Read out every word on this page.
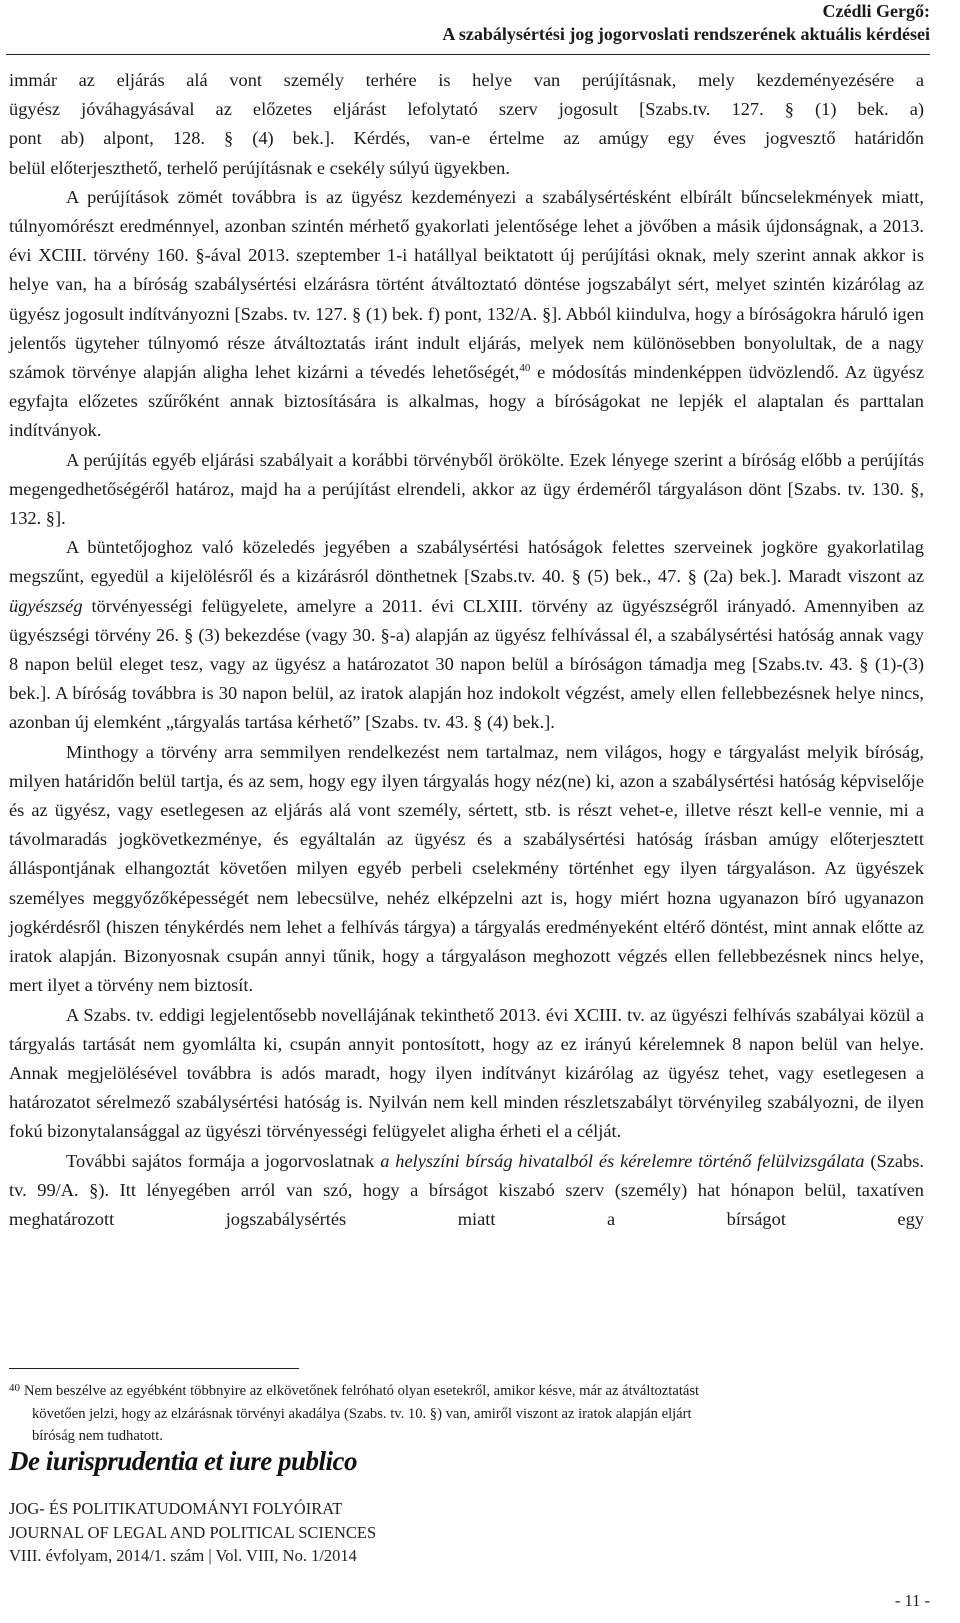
Czédli Gergő:
A szabálysértési jog jogorvoslati rendszerének aktuális kérdései

immár az eljárás alá vont személy terhére is helye van perújításnak, mely kezdeményezésére a

ügyész jóváhagyásával az előzetes eljárást lefolytató szerv jogosult [Szabs.tv. 127. § (1) bek. a)

pont ab) alpont, 128. § (4) bek.]. Kérdés, van-e értelme az amúgy egy éves jogvesztő határidőn

belül előterjeszthető, terhelő perújításnak e csekély súlyú ügyekben.

A perújítások zömét továbbra is az ügyész kezdeményezi a szabálysértésként elbírált bűncselekmények miatt, túlnyomórészt eredménnyel, azonban szintén mérhető gyakorlati jelentősége lehet a jövőben a másik újdonságnak, a 2013. évi XCIII. törvény 160. §-ával 2013. szeptember 1-i hatállyal beiktatott új perújítási oknak, mely szerint annak akkor is helye van, ha a bíróság szabálysértési elzárásra történt átváltoztató döntése jogszabályt sért, melyet szintén kizárólag az ügyész jogosult indítványozni [Szabs. tv. 127. § (1) bek. f) pont, 132/A. §]. Abból kiindulva, hogy a bíróságokra háruló igen jelentős ügyteher túlnyomó része átváltoztatás iránt indult eljárás, melyek nem különösebben bonyolultak, de a nagy számok törvénye alapján aligha lehet kizárni a tévedés lehetőségét,$^{40}$ e módosítás mindenképpen üdvözlendő. Az ügyész egyfajta előzetes szűrőként annak biztosítására is alkalmas, hogy a bíróságokat ne lepjék el alaptalan és parttalan indítványok.

A perújítás egyéb eljárási szabályait a korábbi törvényből örökölte. Ezek lényege szerint a bíróság előbb a perújítás megengedhetőségéről határoz, majd ha a perújítást elrendeli, akkor az ügy érdeméről tárgyaláson dönt [Szabs. tv. 130. §, 132. §].

A büntetőjoghoz való közeledés jegyében a szabálysértési hatóságok felettes szerveinek jogköre gyakorlatilag megszűnt, egyedül a kijelölésről és a kizárásról dönthetnek [Szabs.tv. 40. § (5) bek., 47. § (2a) bek.]. Maradt viszont az ügyészség törvényességi felügyelete, amelyre a 2011. évi CLXIII. törvény az ügyészségről irányadó. Amennyiben az ügyészségi törvény 26. § (3) bekezdése (vagy 30. §-a) alapján az ügyész felhívással él, a szabálysértési hatóság annak vagy 8 napon belül eleget tesz, vagy az ügyész a határozatot 30 napon belül a bíróságon támadja meg [Szabs.tv. 43. § (1)-(3) bek.]. A bíróság továbbra is 30 napon belül, az iratok alapján hoz indokolt végzést, amely ellen fellebbezésnek helye nincs, azonban új elemként „tárgyalás tartása kérhető” [Szabs. tv. 43. § (4) bek.].

Minthogy a törvény arra semmilyen rendelkezést nem tartalmaz, nem világos, hogy e tárgyalást melyik bíróság, milyen határidőn belül tartja, és az sem, hogy egy ilyen tárgyalás hogy néz(ne) ki, azon a szabálysértési hatóság képviselője és az ügyész, vagy esetlegesen az eljárás alá vont személy, sértett, stb. is részt vehet-e, illetve részt kell-e vennie, mi a távolmaradás jogkövetkezménye, és egyáltalán az ügyész és a szabálysértési hatóság írásban amúgy előterjesztett álláspontjának elhangoztát követően milyen egyéb perbeli cselekmény történhet egy ilyen tárgyaláson. Az ügyészek személyes meggyőzőképességét nem lebecsülve, nehéz elképzelni azt is, hogy miért hozna ugyanazon bíró ugyanazon jogkérdésről (hiszen ténykérdés nem lehet a felhívás tárgya) a tárgyalás eredményeként eltérő döntést, mint annak előtte az iratok alapján. Bizonyosnak csupán annyi tűnik, hogy a tárgyaláson meghozott végzés ellen fellebbezésnek nincs helye, mert ilyet a törvény nem biztosít.

A Szabs. tv. eddigi legjelentősebb novellájának tekinthető 2013. évi XCIII. tv. az ügyészi felhívás szabályai közül a tárgyalás tartását nem gyomlálta ki, csupán annyit pontosított, hogy az ez irányú kérelemnek 8 napon belül van helye. Annak megjelölésével továbbra is adós maradt, hogy ilyen indítványt kizárólag az ügyész tehet, vagy esetlegesen a határozatot sérelmező szabálysértési hatóság is. Nyilván nem kell minden részletszabályt törvényileg szabályozni, de ilyen fokú bizonytalansággal az ügyészi törvényességi felügyelet aligha érheti el a célját.

További sajátos formája a jogorvoslatnak a helyszíni bírság hivatalból és kérelemre történő felülvizsgálata (Szabs. tv. 99/A. §). Itt lényegében arról van szó, hogy a bírságot kiszabó szerv (személy) hat hónapon belül, taxatíven meghatározott jogszabálysértés miatt a bírságot egy

$^{40}$ Nem beszélve az egyébként többnyire az elkövetőnek felróható olyan esetekről, amikor késve, már az átváltoztatást
követően jelzi, hogy az elzárásnak törvényi akadálya (Szabs. tv. 10. §) van, amiről viszont az iratok alapján eljárt
bíróság nem tudhatott.
De iurisprudentia et iure publico
JOG- ÉS POLITIKATUDOMÁNYI FOLYÓIRAT
JOURNAL OF LEGAL AND POLITICAL SCIENCES
VIII. évfolyam, 2014/1. szám | Vol. VIII, No. 1/2014
- 11 -
